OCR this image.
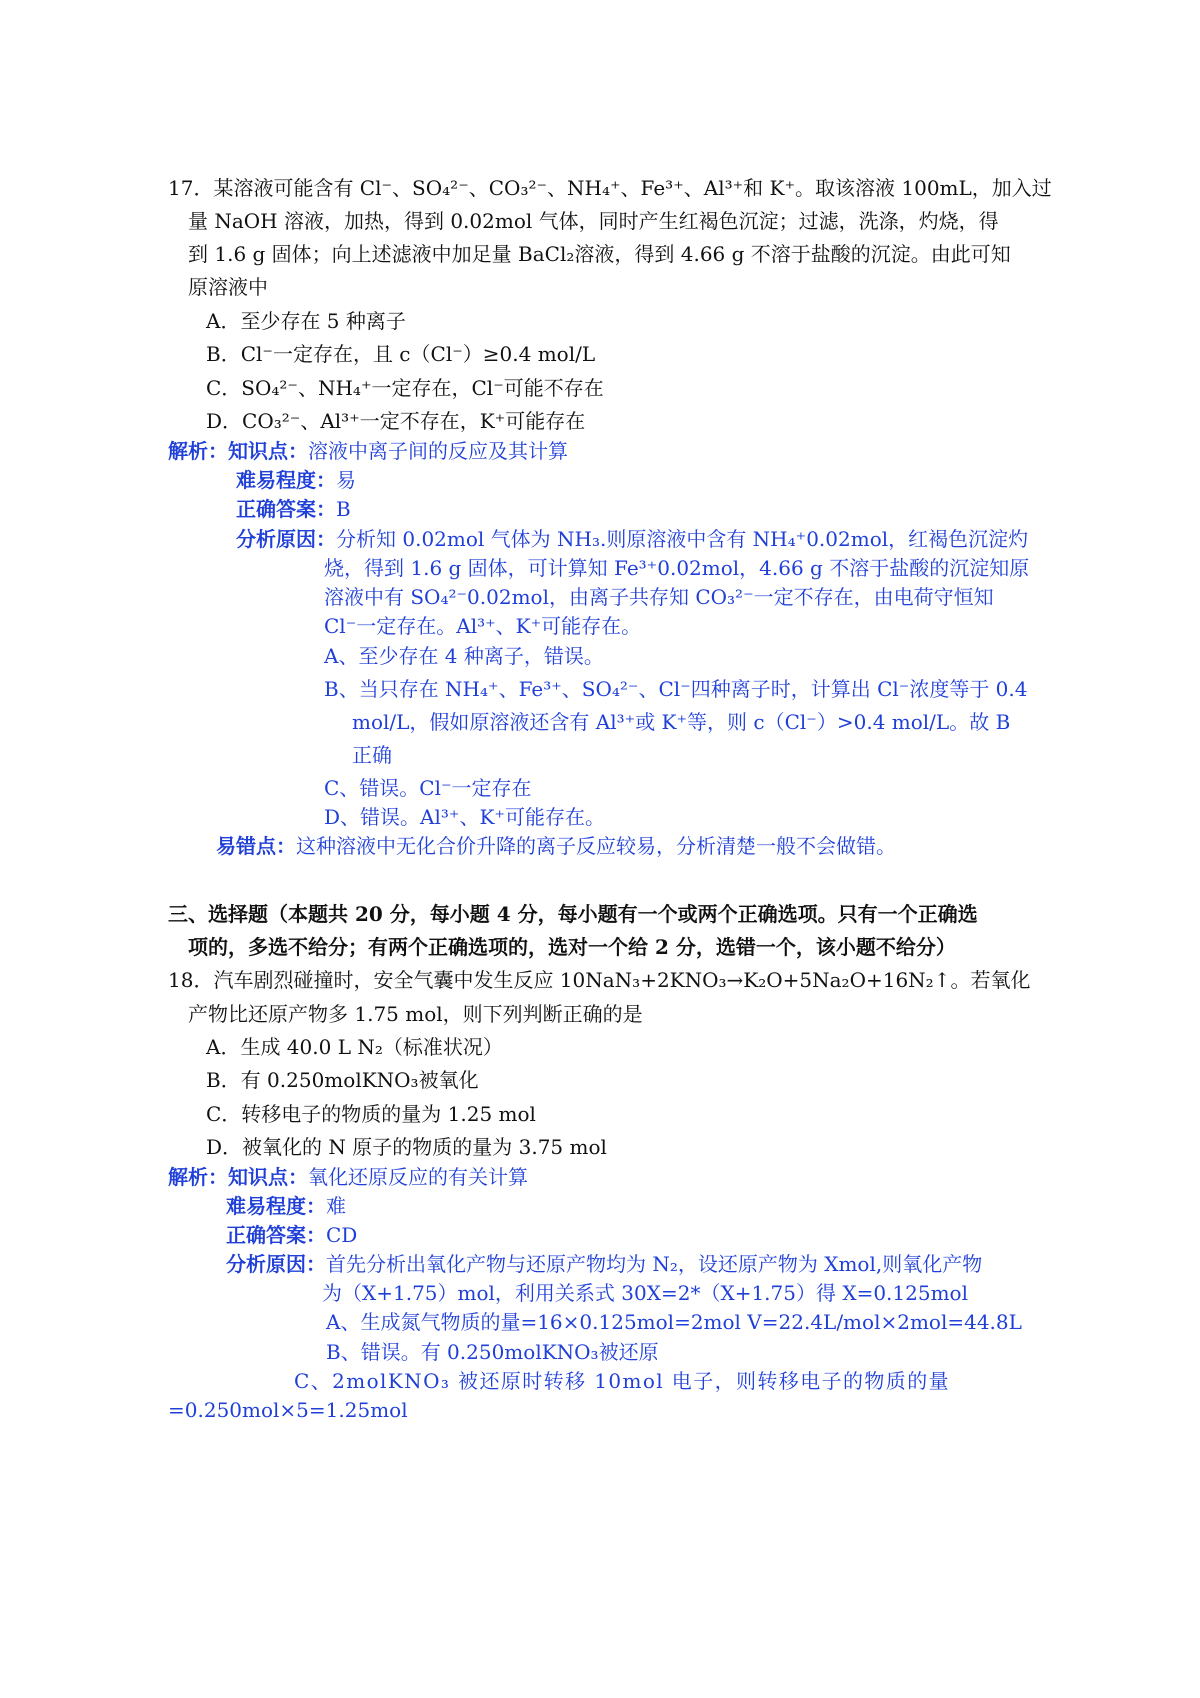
17．某溶液可能含有 Cl⁻、SO₄²⁻、CO₃²⁻、NH₄⁺、Fe³⁺、Al³⁺和 K⁺。取该溶液 100mL，加入过
量 NaOH 溶液，加热，得到 0.02mol 气体，同时产生红褐色沉淀；过滤，洗涤，灼烧，得
到 1.6 g 固体；向上述滤液中加足量 BaCl₂溶液，得到 4.66 g 不溶于盐酸的沉淀。由此可知
原溶液中
A．至少存在 5 种离子
B．Cl⁻一定存在，且 c（Cl⁻）≥0.4 mol/L
C．SO₄²⁻、NH₄⁺一定存在，Cl⁻可能不存在
D．CO₃²⁻、Al³⁺一定不存在，K⁺可能存在
解析：知识点：溶液中离子间的反应及其计算
难易程度：易
正确答案：B
分析原因：分析知 0.02mol 气体为 NH₃.则原溶液中含有 NH₄⁺0.02mol，红褐色沉淀灼
烧，得到 1.6 g 固体，可计算知 Fe³⁺0.02mol，4.66 g 不溶于盐酸的沉淀知原
溶液中有 SO₄²⁻0.02mol，由离子共存知 CO₃²⁻一定不存在，由电荷守恒知
Cl⁻一定存在。Al³⁺、K⁺可能存在。
A、至少存在 4 种离子，错误。
B、当只存在 NH₄⁺、Fe³⁺、SO₄²⁻、Cl⁻四种离子时，计算出 Cl⁻浓度等于 0.4
mol/L，假如原溶液还含有 Al³⁺或 K⁺等，则 c（Cl⁻）>0.4 mol/L。故 B
正确
C、错误。Cl⁻一定存在
D、错误。Al³⁺、K⁺可能存在。
易错点：这种溶液中无化合价升降的离子反应较易，分析清楚一般不会做错。
三、选择题（本题共 20 分，每小题 4 分，每小题有一个或两个正确选项。只有一个正确选
项的，多选不给分；有两个正确选项的，选对一个给 2 分，选错一个，该小题不给分）
18．汽车剧烈碰撞时，安全气囊中发生反应 10NaN₃+2KNO₃→K₂O+5Na₂O+16N₂↑。若氧化
产物比还原产物多 1.75 mol，则下列判断正确的是
A．生成 40.0 L N₂（标准状况）
B．有 0.250molKNO₃被氧化
C．转移电子的物质的量为 1.25 mol
D．被氧化的 N 原子的物质的量为 3.75 mol
解析：知识点：氧化还原反应的有关计算
难易程度：难
正确答案：CD
分析原因：首先分析出氧化产物与还原产物均为 N₂，设还原产物为 Xmol,则氧化产物
为（X+1.75）mol，利用关系式 30X=2*（X+1.75）得 X=0.125mol
A、生成氮气物质的量=16×0.125mol=2mol V=22.4L/mol×2mol=44.8L
B、错误。有 0.250molKNO₃被还原
C、2molKNO₃ 被还原时转移 10mol 电子，则转移电子的物质的量
=0.250mol×5=1.25mol
